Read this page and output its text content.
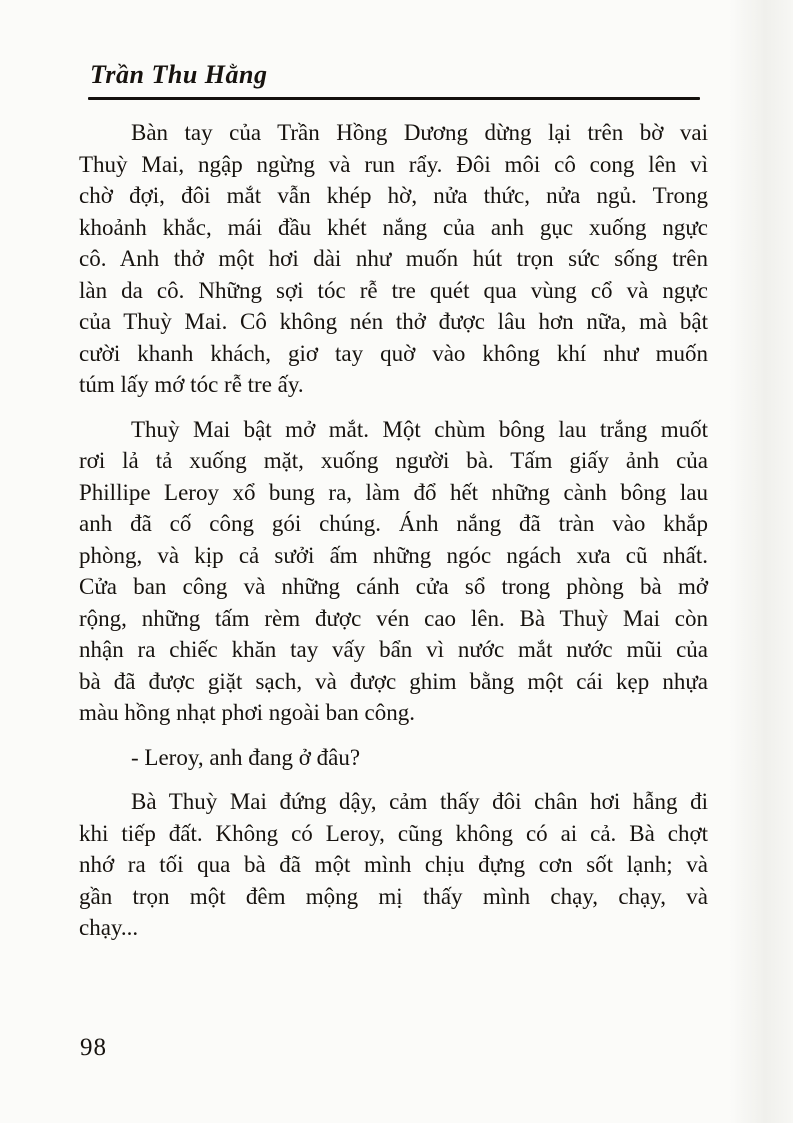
Trần Thu Hằng

Bàn tay của Trần Hồng Dương dừng lại trên bờ vai
Thuỳ Mai, ngập ngừng và run rẩy. Đôi môi cô cong lên vì
chờ đợi, đôi mắt vẫn khép hờ, nửa thức, nửa ngủ. Trong
khoảnh khắc, mái đầu khét nắng của anh gục xuống ngực
cô. Anh thở một hơi dài như muốn hút trọn sức sống trên
làn da cô. Những sợi tóc rễ tre quét qua vùng cổ và ngực
của Thuỳ Mai. Cô không nén thở được lâu hơn nữa, mà bật
cười khanh khách, giơ tay quờ vào không khí như muốn
túm lấy mớ tóc rễ tre ấy.

Thuỳ Mai bật mở mắt. Một chùm bông lau trắng muốt
rơi lả tả xuống mặt, xuống người bà. Tấm giấy ảnh của
Phillipe Leroy xổ bung ra, làm đổ hết những cành bông lau
anh đã cố công gói chúng. Ánh nắng đã tràn vào khắp
phòng, và kịp cả sưởi ấm những ngóc ngách xưa cũ nhất.
Cửa ban công và những cánh cửa sổ trong phòng bà mở
rộng, những tấm rèm được vén cao lên. Bà Thuỳ Mai còn
nhận ra chiếc khăn tay vấy bẩn vì nước mắt nước mũi của
bà đã được giặt sạch, và được ghim bằng một cái kẹp nhựa
màu hồng nhạt phơi ngoài ban công.

- Leroy, anh đang ở đâu?

Bà Thuỳ Mai đứng dậy, cảm thấy đôi chân hơi hẫng đi
khi tiếp đất. Không có Leroy, cũng không có ai cả. Bà chợt
nhớ ra tối qua bà đã một mình chịu đựng cơn sốt lạnh; và
gần trọn một đêm mộng mị thấy mình chạy, chạy, và
chạy...

98
